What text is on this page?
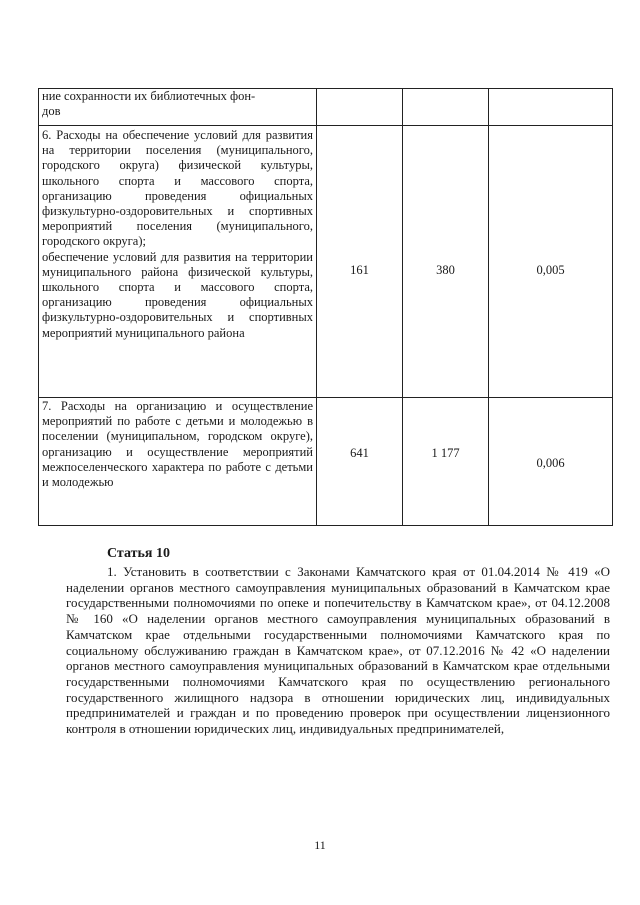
ние сохранности их библиотечных фон-
дов			

6. Расходы на обеспечение условий для развития на территории поселения (муниципального, городского округа) физической культуры, школьного спорта и массового спорта, организацию проведения официальных физкультурно-оздоровительных и спортивных мероприятий поселения (муниципального, городского округа);
обеспечение условий для развития на территории муниципального района физической культуры, школьного спорта и массового спорта, организацию проведения официальных физкультурно-оздоровительных и спортивных мероприятий муниципального района	161	380	0,005

7. Расходы на организацию и осуществление мероприятий по работе с детьми и молодежью в поселении (муниципальном, городском округе), организацию и осуществление мероприятий межпоселенческого характера по работе с детьми и молодежью	641	1 177	0,006
Статья 10
1. Установить в соответствии с Законами Камчатского края от 01.04.2014 № 419 «О наделении органов местного самоуправления муниципальных образований в Камчатском крае государственными полномочиями по опеке и попечительству в Камчатском крае», от 04.12.2008 № 160 «О наделении органов местного самоуправления муниципальных образований в Камчатском крае отдельными государственными полномочиями Камчатского края по социальному обслуживанию граждан в Камчатском крае», от 07.12.2016 № 42 «О наделении органов местного самоуправления муниципальных образований в Камчатском крае отдельными государственными полномочиями Камчатского края по осуществлению регионального государственного жилищного надзора в отношении юридических лиц, индивидуальных предпринимателей и граждан и по проведению проверок при осуществлении лицензионного контроля в отношении юридических лиц, индивидуальных предпринимателей,
11
